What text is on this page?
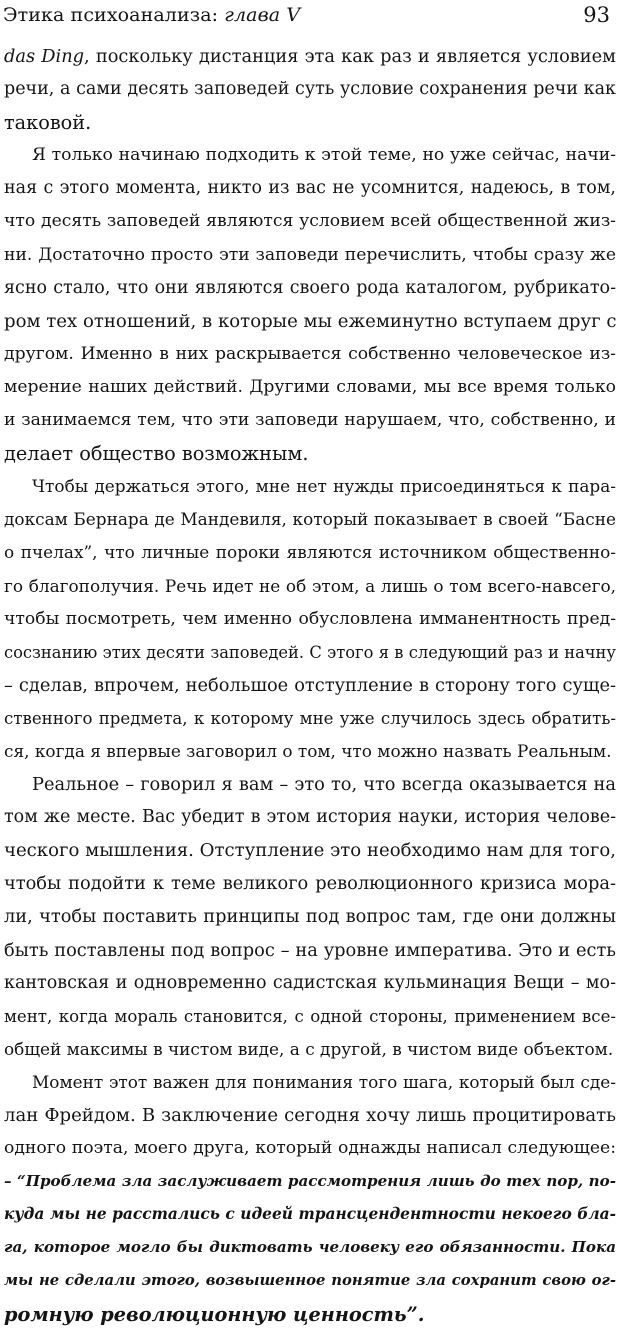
Этика психоанализа: глава V	93
das Ding, поскольку дистанция эта как раз и является условием
речи, а сами десять заповедей суть условие сохранения речи как
таковой.
Я только начинаю подходить к этой теме, но уже сейчас, начи-
ная с этого момента, никто из вас не усомнится, надеюсь, в том,
что десять заповедей являются условием всей общественной жиз-
ни. Достаточно просто эти заповеди перечислить, чтобы сразу же
ясно стало, что они являются своего рода каталогом, рубрикато-
ром тех отношений, в которые мы ежеминутно вступаем друг с
другом. Именно в них раскрывается собственно человеческое из-
мерение наших действий. Другими словами, мы все время только
и занимаемся тем, что эти заповеди нарушаем, что, собственно, и
делает общество возможным.
Чтобы держаться этого, мне нет нужды присоединяться к пара-
доксам Бернара де Мандевиля, который показывает в своей “Басне
о пчелах”, что личные пороки являются источником общественно-
го благополучия. Речь идет не об этом, а лишь о том всего-навсего,
чтобы посмотреть, чем именно обусловлена имманентность пред-
соcзнанию этих десяти заповедей. С этого я в следующий раз и начну
– сделав, впрочем, небольшое отступление в сторону того суще-
ственного предмета, к которому мне уже случилось здесь обратить-
ся, когда я впервые заговорил о том, что можно назвать Реальным.
Реальное – говорил я вам – это то, что всегда оказывается на
том же месте. Вас убедит в этом история науки, история челове-
ческого мышления. Отступление это необходимо нам для того,
чтобы подойти к теме великого революционного кризиса мора-
ли, чтобы поставить принципы под вопрос там, где они должны
быть поставлены под вопрос – на уровне императива. Это и есть
кантовская и одновременно садистская кульминация Вещи – мо-
мент, когда мораль становится, с одной стороны, применением все-
общей максимы в чистом виде, а с другой, в чистом виде объектом.
Момент этот важен для понимания того шага, который был сде-
лан Фрейдом. В заключение сегодня хочу лишь процитировать
одного поэта, моего друга, который однажды написал следующее:
– “Проблема зла заслуживает рассмотрения лишь до тех пор, по-
куда мы не расстались с идеей трансцендентности некоего бла-
га, которое могло бы диктовать человеку его обязанности. Пока
мы не сделали этого, возвышенное понятие зла сохранит свою ог-
ромную революционную ценность”.
